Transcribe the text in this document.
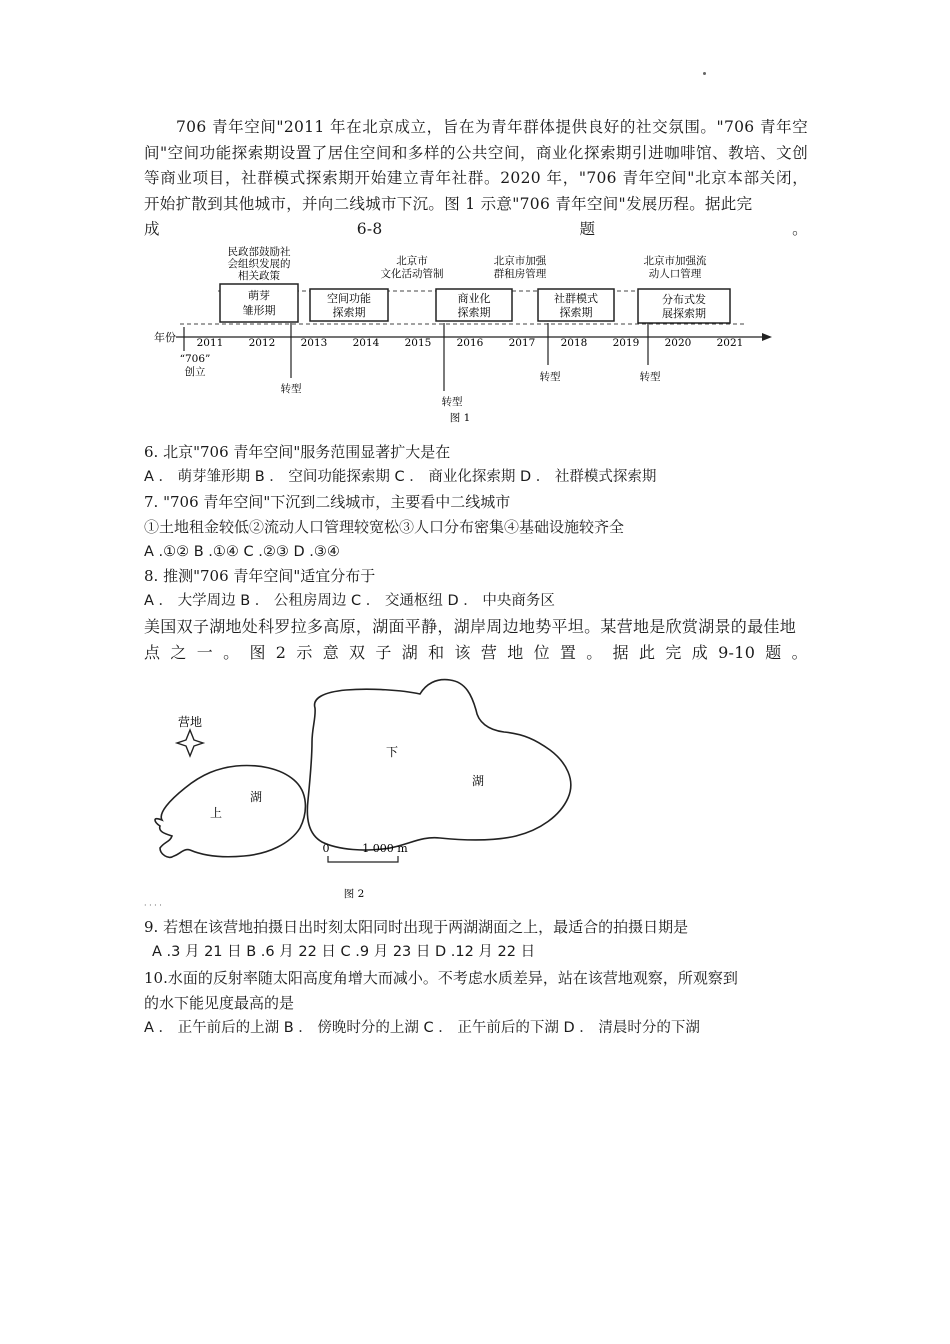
706 青年空间"2011 年在北京成立，旨在为青年群体提供良好的社交氛围。"706 青年空间"空间功能探索期设置了居住空间和多样的公共空间，商业化探索期引进咖啡馆、教培、文创等商业项目，社群模式探索期开始建立青年社群。2020 年，"706 青年空间"北京本部关闭，开始扩散到其他城市，并向二线城市下沉。图 1 示意"706 青年空间"发展历程。据此完
成	6-8	题	。
萌芽
雏形期
空间功能
探索期
商业化
探索期
社群模式
探索期
分布式发
展探索期
民政部鼓励社
会组织发展的
相关政策
北京市
文化活动管制
北京市加强
群租房管理
北京市加强流
动人口管理
年份 2011 2012 2013 2014 2015 2016 2017 2018 2019 2020 2021
“706”
创立
转型
转型
转型	转型
图 1
6. 北京"706 青年空间"服务范围显著扩大是在
A ． 萌芽雏形期 B ． 空间功能探索期 C ． 商业化探索期 D ． 社群模式探索期
7. "706 青年空间"下沉到二线城市，主要看中二线城市
①土地租金较低②流动人口管理较宽松③人口分布密集④基础设施较齐全
A .①② B .①④ C .②③ D .③④
8. 推测"706 青年空间"适宜分布于
A ． 大学周边 B ． 公租房周边 C ． 交通枢纽 D ． 中央商务区
美国双子湖地处科罗拉多高原，湖面平静，湖岸周边地势平坦。某营地是欣赏湖景的最佳地
点 之 一 。 图 2 示 意 双 子 湖 和 该 营 地 位 置 。 据 此 完 成 9-10 题 。
营地
上
湖
下
湖
0	1 000 m
图 2
· · · ·
9. 若想在该营地拍摄日出时刻太阳同时出现于两湖湖面之上，最适合的拍摄日期是
A .3 月 21 日 B .6 月 22 日 C .9 月 23 日 D .12 月 22 日
10.水面的反射率随太阳高度角增大而减小。不考虑水质差异，站在该营地观察，所观察到
的水下能见度最高的是
A ． 正午前后的上湖 B ． 傍晚时分的上湖 C ． 正午前后的下湖 D ． 清晨时分的下湖
